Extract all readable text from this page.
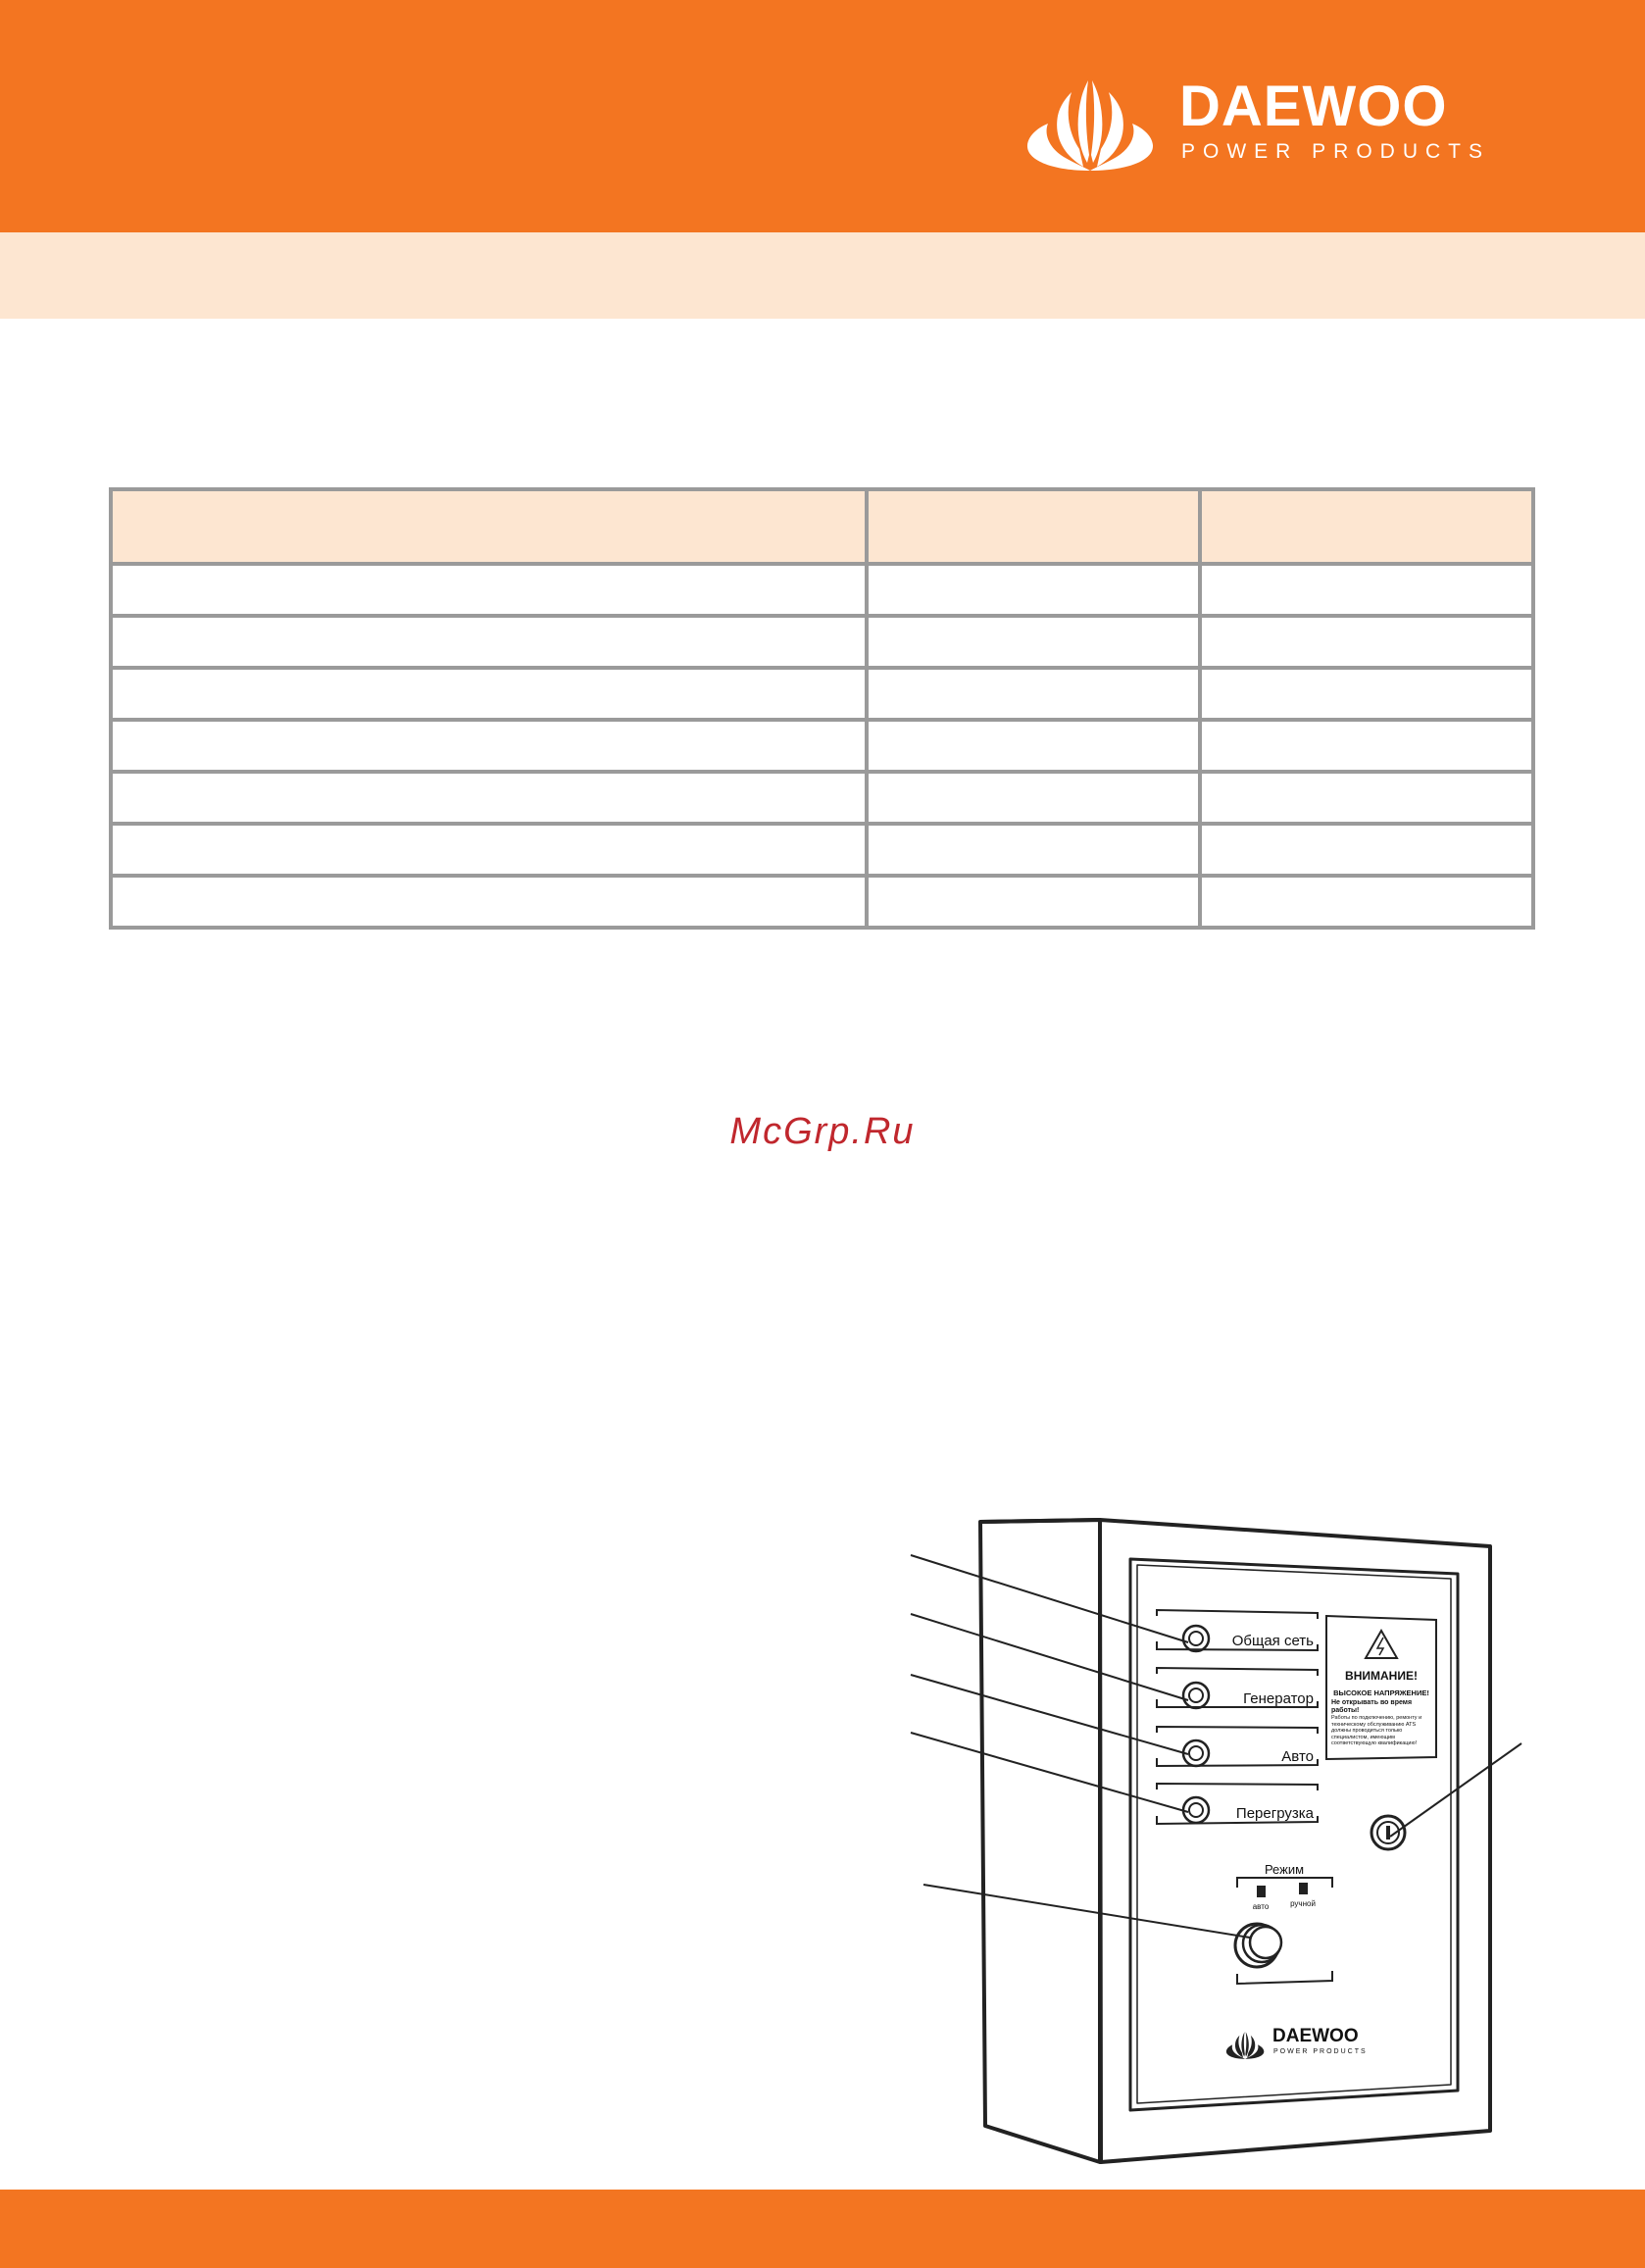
DAEWOO
POWER PRODUCTS

McGrp.Ru
Общая сеть
Генератор
Авто
Перегрузка
ВНИМАНИЕ!
ВЫСОКОЕ НАПРЯЖЕНИЕ!
Не открывать во время работы!
Работы по подключению, ремонту и техническому обслуживанию АТS должны проводиться только специалистом, имеющим соответствующую квалификацию!
Режим
авто	ручной
DAEWOO
POWER PRODUCTS
